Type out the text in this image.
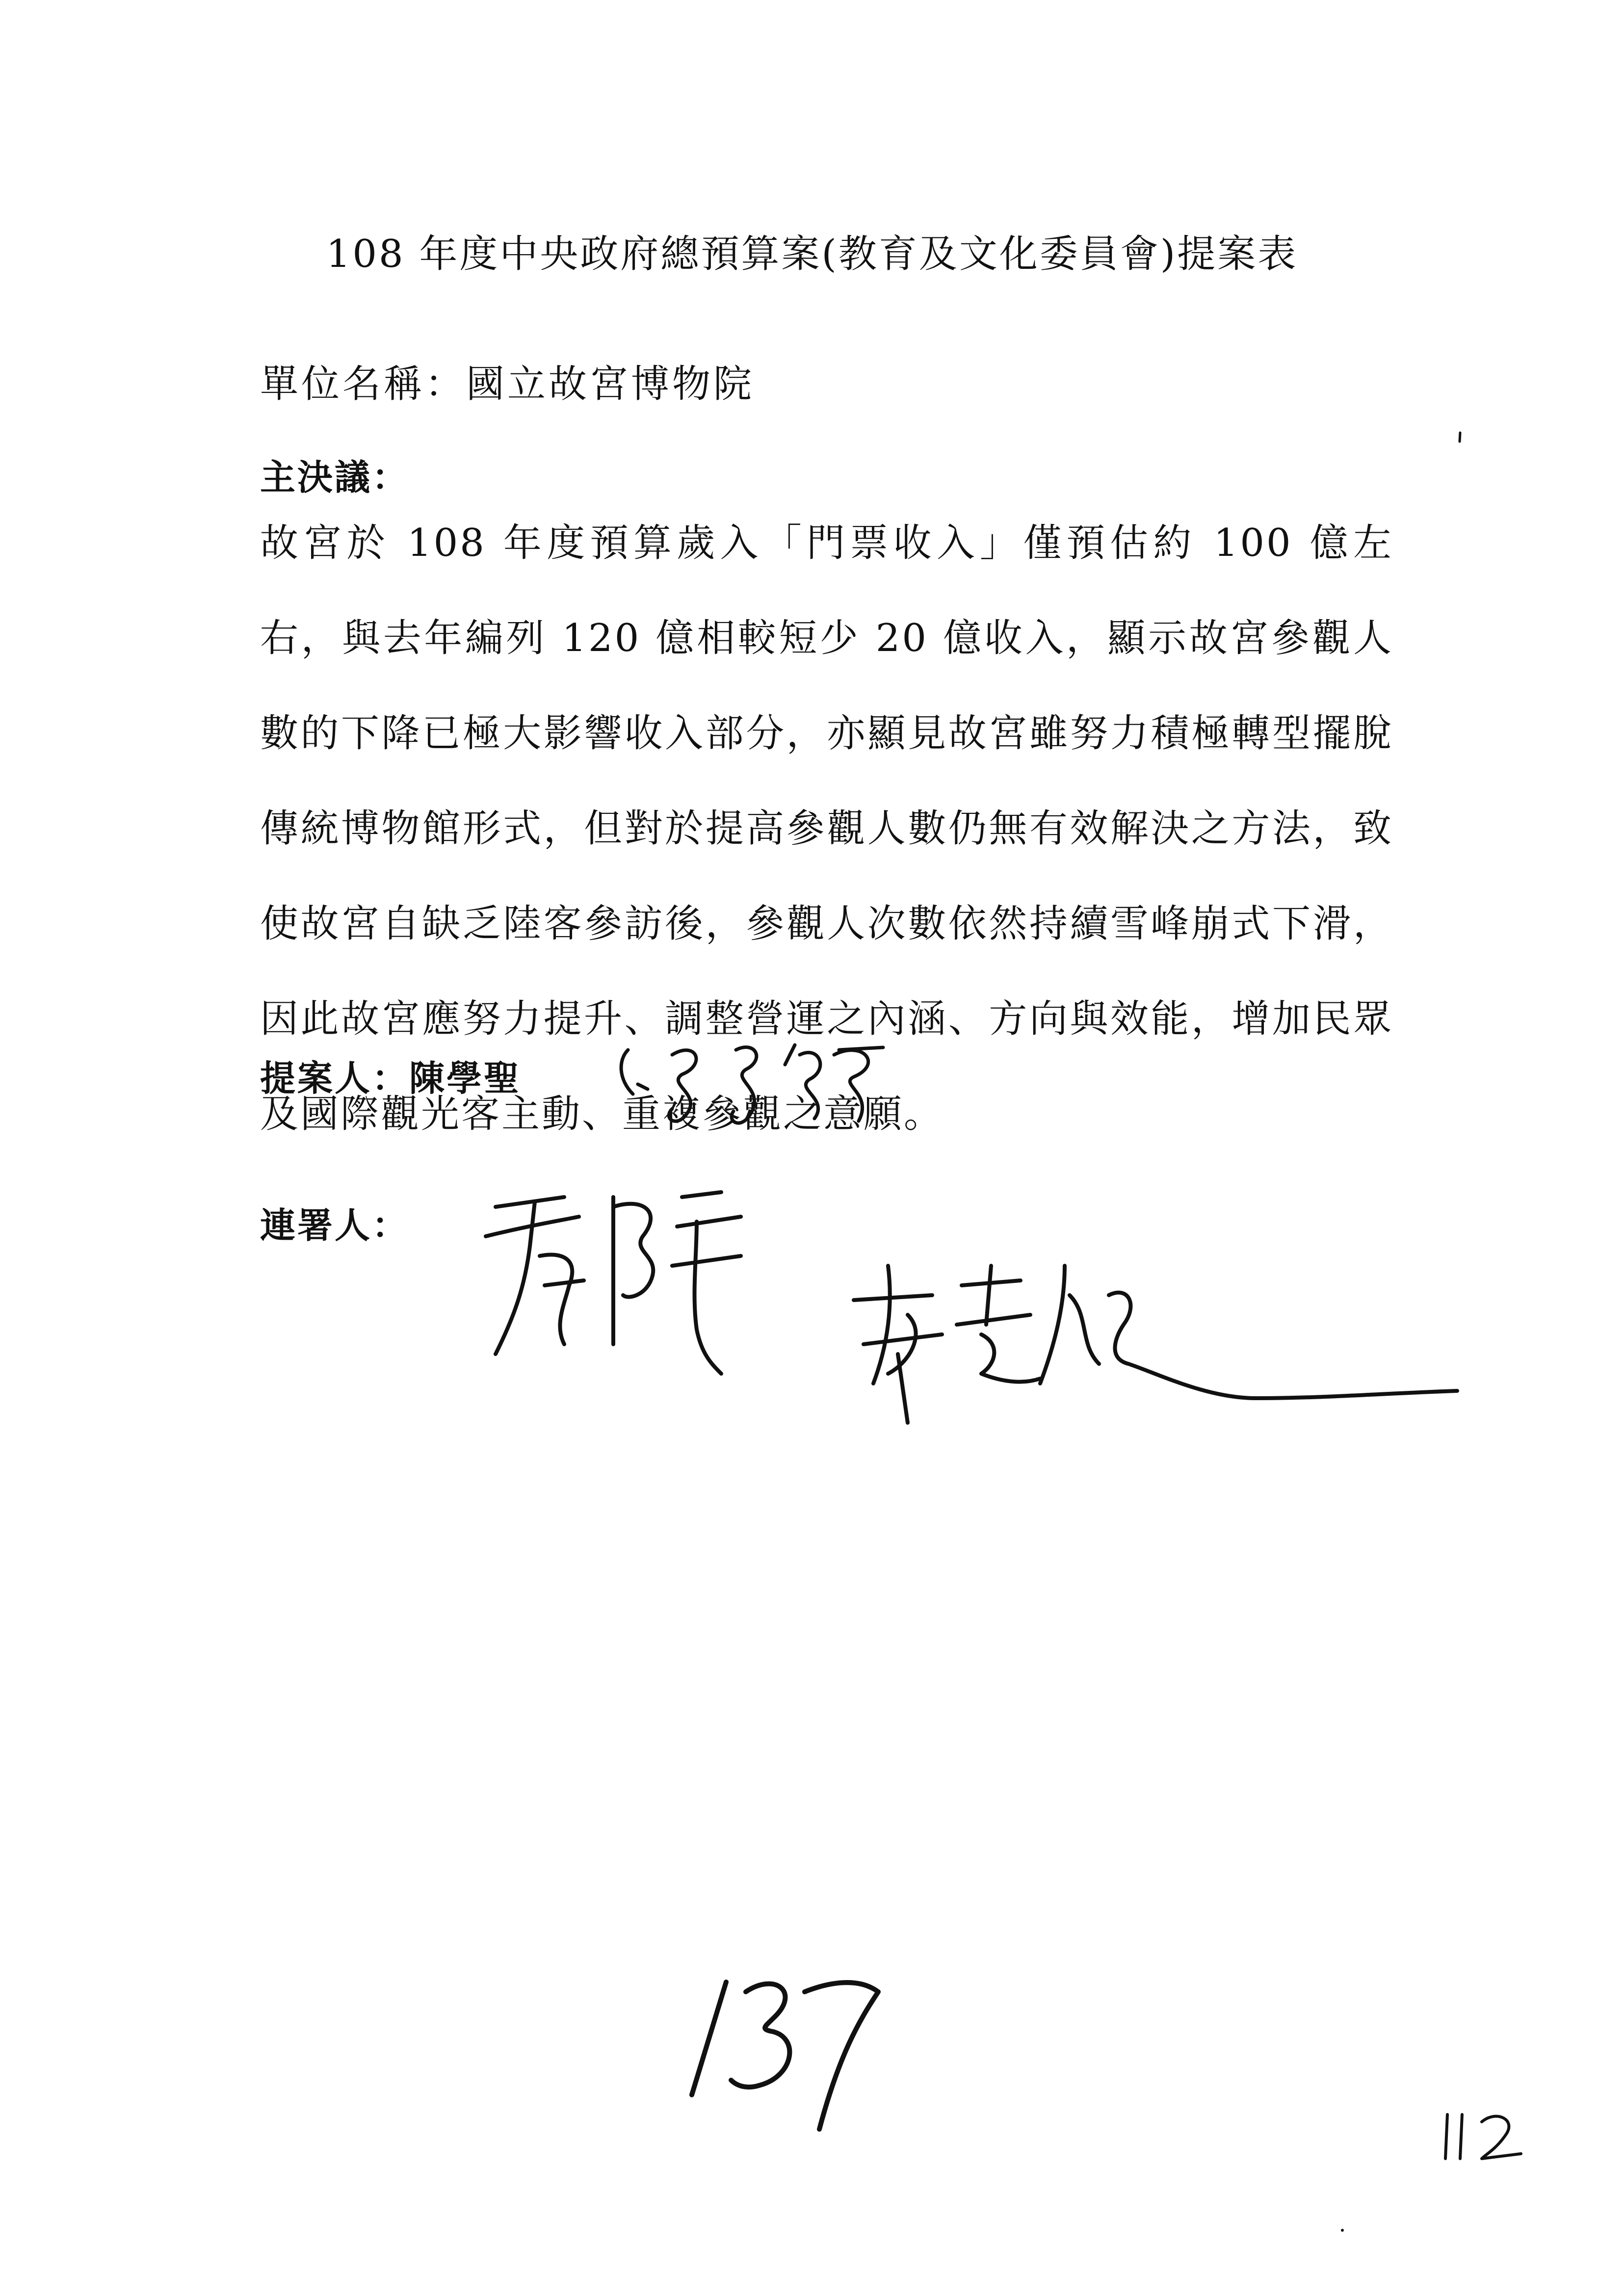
108 年度中央政府總預算案(教育及文化委員會)提案表
單位名稱：國立故宮博物院
主決議：

故宮於 108 年度預算歲入「門票收入」僅預估約 100 億左右，與去年編列 120 億相較短少 20 億收入，顯示故宮參觀人數的下降已極大影響收入部分，亦顯見故宮雖努力積極轉型擺脫傳統博物館形式，但對於提高參觀人數仍無有效解決之方法，致使故宮自缺乏陸客參訪後，參觀人次數依然持續雪峰崩式下滑，因此故宮應努力提升、調整營運之內涵、方向與效能，增加民眾及國際觀光客主動、重複參觀之意願。

提案人：陳學聖
連署人：
